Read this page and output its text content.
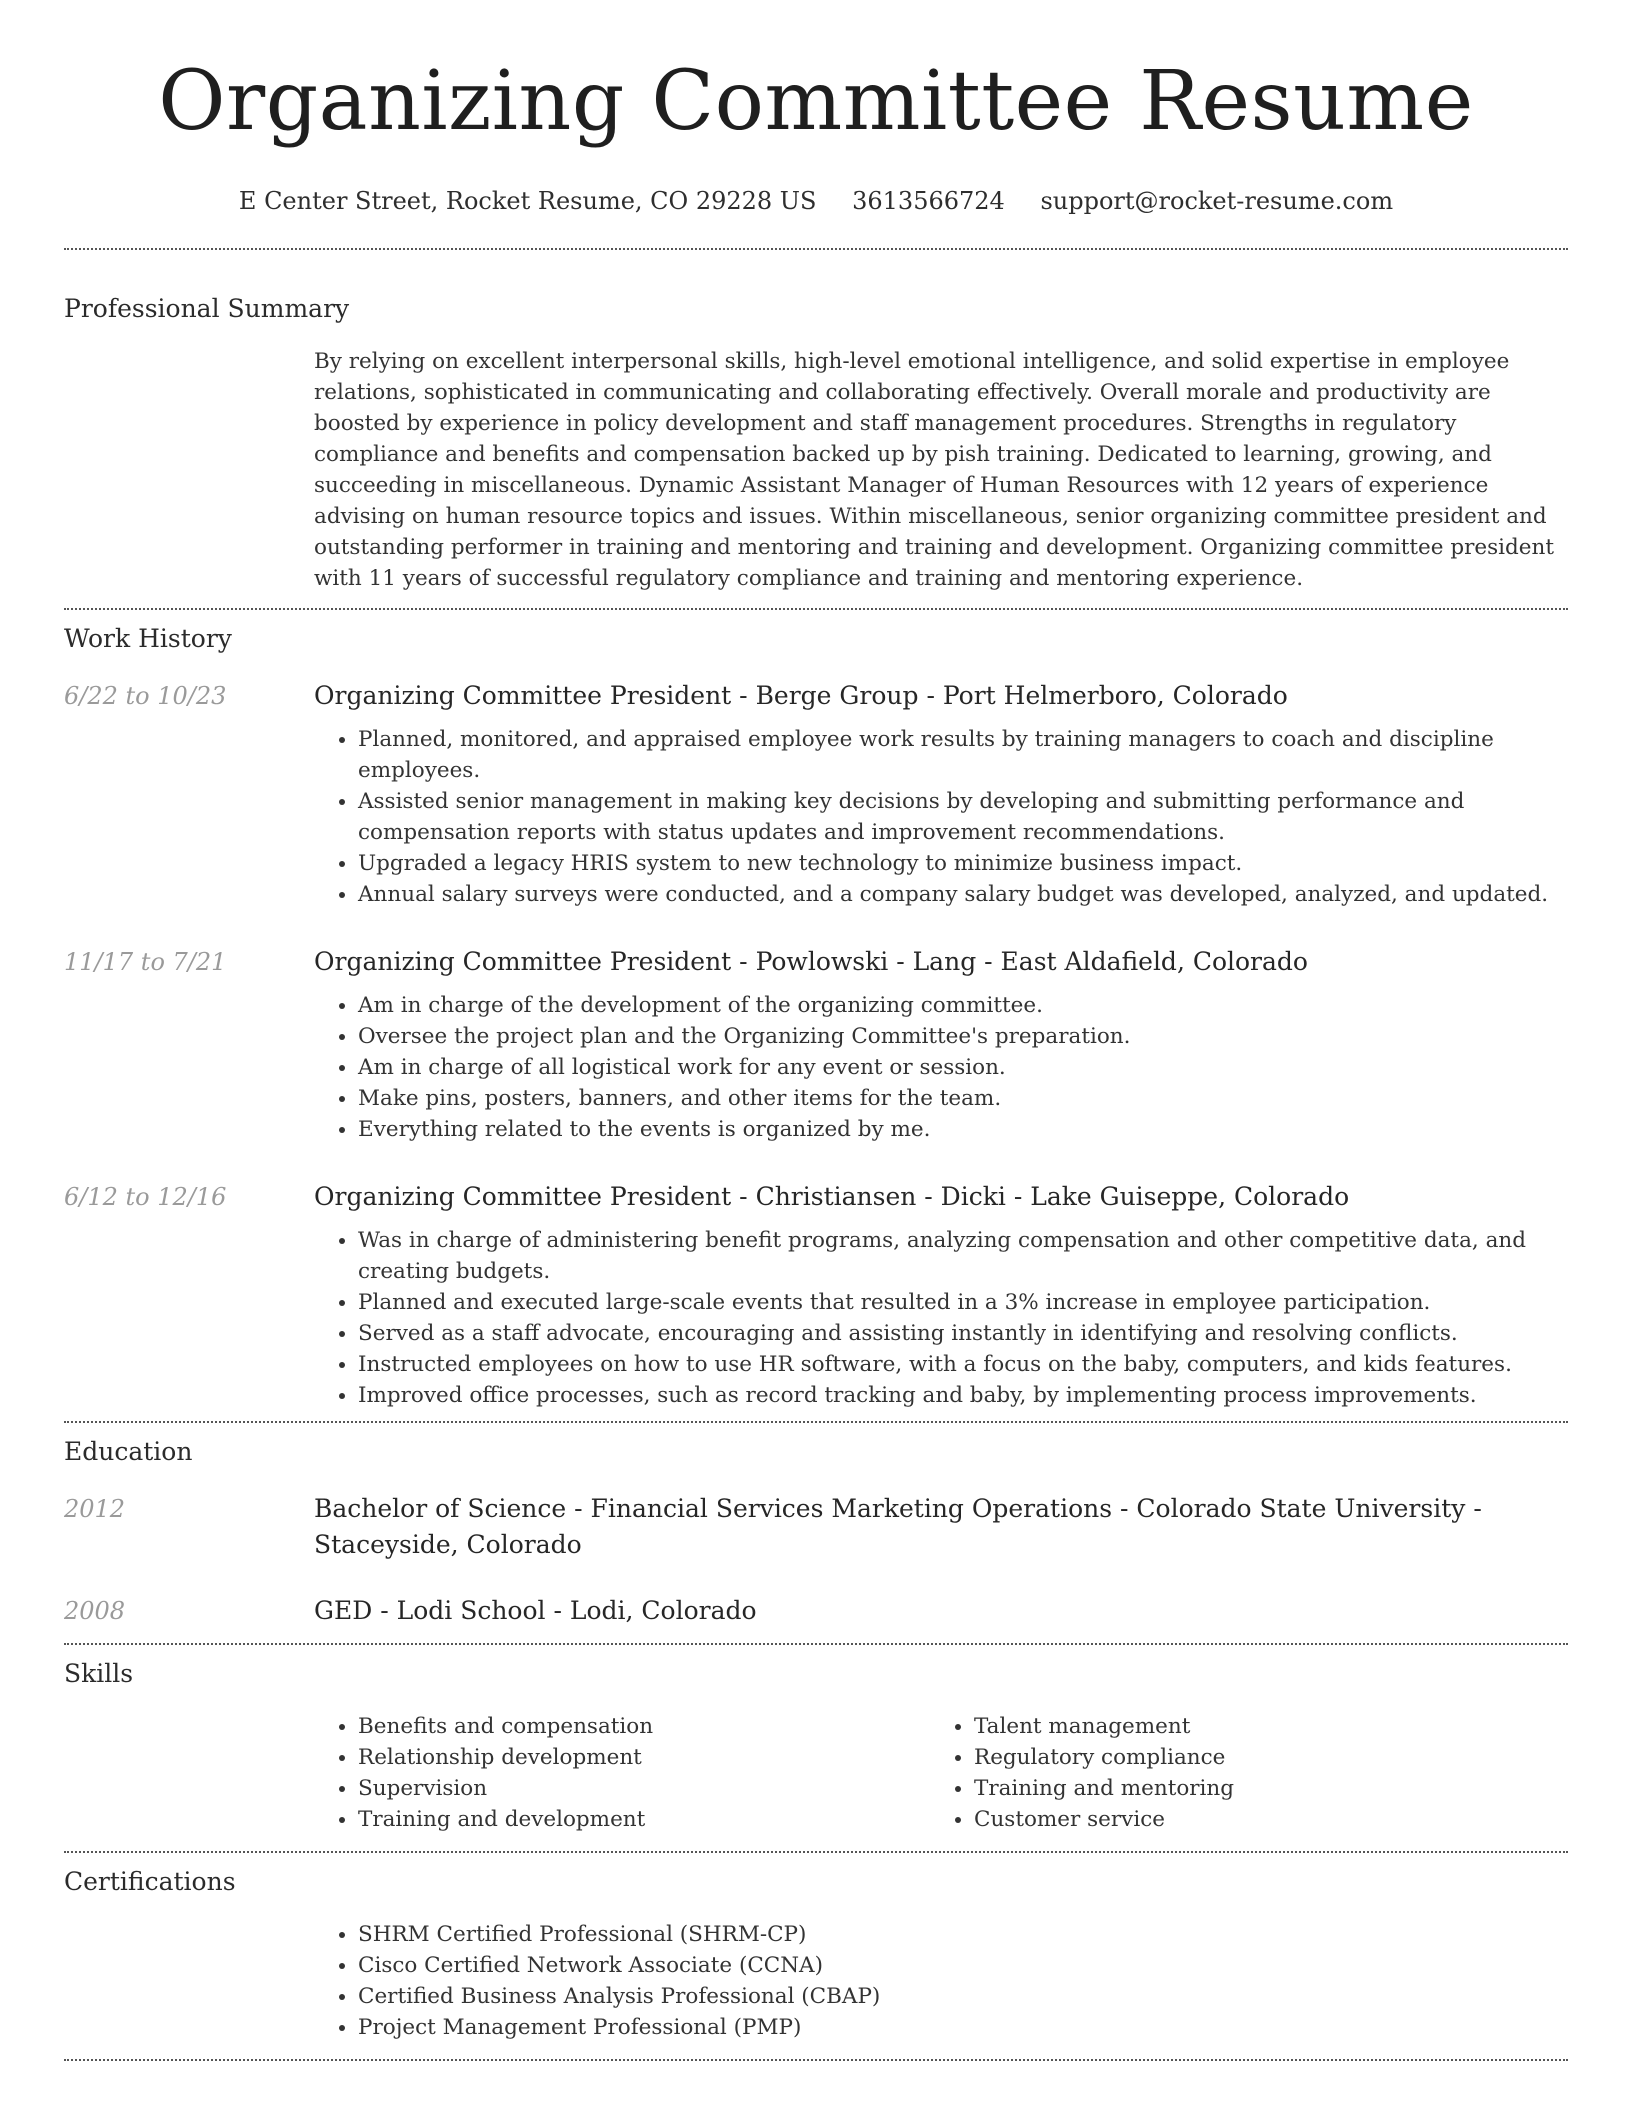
Organizing Committee Resume
E Center Street, Rocket Resume, CO 29228 US 3613566724 support@rocket-resume.com
Professional Summary

By relying on excellent interpersonal skills, high-level emotional intelligence, and solid expertise in employee relations, sophisticated in communicating and collaborating effectively. Overall morale and productivity are boosted by experience in policy development and staff management procedures. Strengths in regulatory compliance and benefits and compensation backed up by pish training. Dedicated to learning, growing, and succeeding in miscellaneous. Dynamic Assistant Manager of Human Resources with 12 years of experience advising on human resource topics and issues. Within miscellaneous, senior organizing committee president and outstanding performer in training and mentoring and training and development. Organizing committee president with 11 years of successful regulatory compliance and training and mentoring experience.

Work History
6/22 to 10/23	Organizing Committee President - Berge Group - Port Helmerboro, Colorado
• Planned, monitored, and appraised employee work results by training managers to coach and discipline employees.
• Assisted senior management in making key decisions by developing and submitting performance and compensation reports with status updates and improvement recommendations.
• Upgraded a legacy HRIS system to new technology to minimize business impact.
• Annual salary surveys were conducted, and a company salary budget was developed, analyzed, and updated.
11/17 to 7/21	Organizing Committee President - Powlowski - Lang - East Aldafield, Colorado
• Am in charge of the development of the organizing committee.
• Oversee the project plan and the Organizing Committee's preparation.
• Am in charge of all logistical work for any event or session.
• Make pins, posters, banners, and other items for the team.
• Everything related to the events is organized by me.
6/12 to 12/16	Organizing Committee President - Christiansen - Dicki - Lake Guiseppe, Colorado
• Was in charge of administering benefit programs, analyzing compensation and other competitive data, and creating budgets.
• Planned and executed large-scale events that resulted in a 3% increase in employee participation.
• Served as a staff advocate, encouraging and assisting instantly in identifying and resolving conflicts.
• Instructed employees on how to use HR software, with a focus on the baby, computers, and kids features.
• Improved office processes, such as record tracking and baby, by implementing process improvements.
Education
2012	Bachelor of Science - Financial Services Marketing Operations - Colorado State University - Staceyside, Colorado
2008	GED - Lodi School - Lodi, Colorado
Skills
• Benefits and compensation
• Relationship development
• Supervision
• Training and development
• Talent management
• Regulatory compliance
• Training and mentoring
• Customer service
Certifications
• SHRM Certified Professional (SHRM-CP)
• Cisco Certified Network Associate (CCNA)
• Certified Business Analysis Professional (CBAP)
• Project Management Professional (PMP)
